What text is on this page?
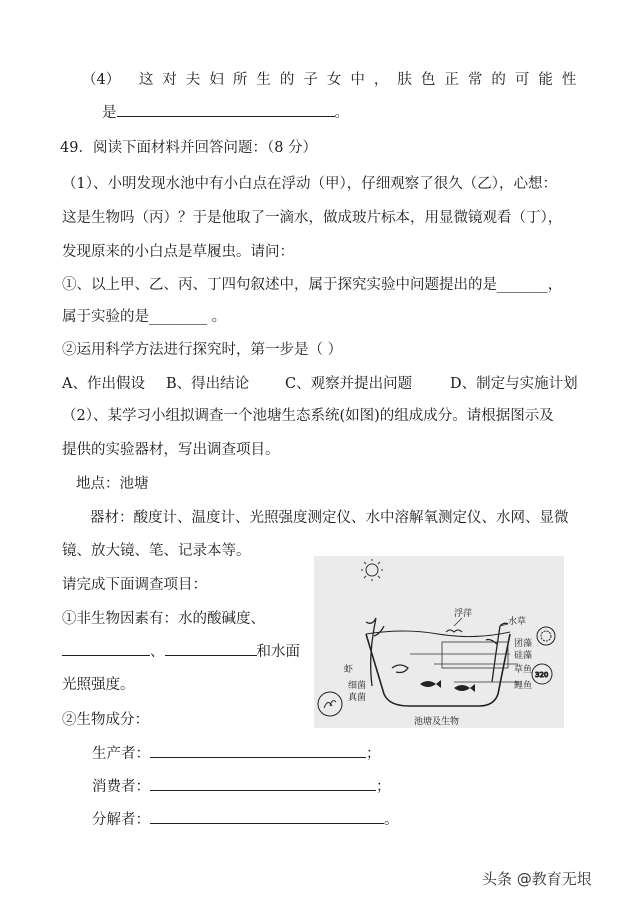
（4） 这对夫妇所生的子女中，肤色正常的可能性
是	。
49．阅读下面材料并回答问题：（8 分）
（1）、小明发现水池中有小白点在浮动（甲），仔细观察了很久（乙），心想：
这是生物吗（丙）？于是他取了一滴水，做成玻片标本，用显微镜观看（丁），
发现原来的小白点是草履虫。请问：
①、以上甲、乙、丙、丁四句叙述中，属于探究实验中问题提出的是_______，
属于实验的是________ 。
②运用科学方法进行探究时，第一步是（ ）
A、作出假设 B、得出结论 C、观察并提出问题	D、制定与实施计划
（2）、某学习小组拟调查一个池塘生态系统(如图)的组成成分。请根据图示及
提供的实验器材，写出调查项目。
地点：池塘
器材：酸度计、温度计、光照强度测定仪、水中溶解氧测定仪、水网、显微
镜、放大镜、笔、记录本等。
请完成下面调查项目：
①非生物因素有：水的酸碱度、
、	和水面
光照强度。
②生物成分：
生产者：	；
消费者：	；
分解者：	。
320
浮萍
水草
团藻
硅藻
草鱼
鲤鱼
虾
细菌
真菌
池塘及生物
头条 @教育无垠
